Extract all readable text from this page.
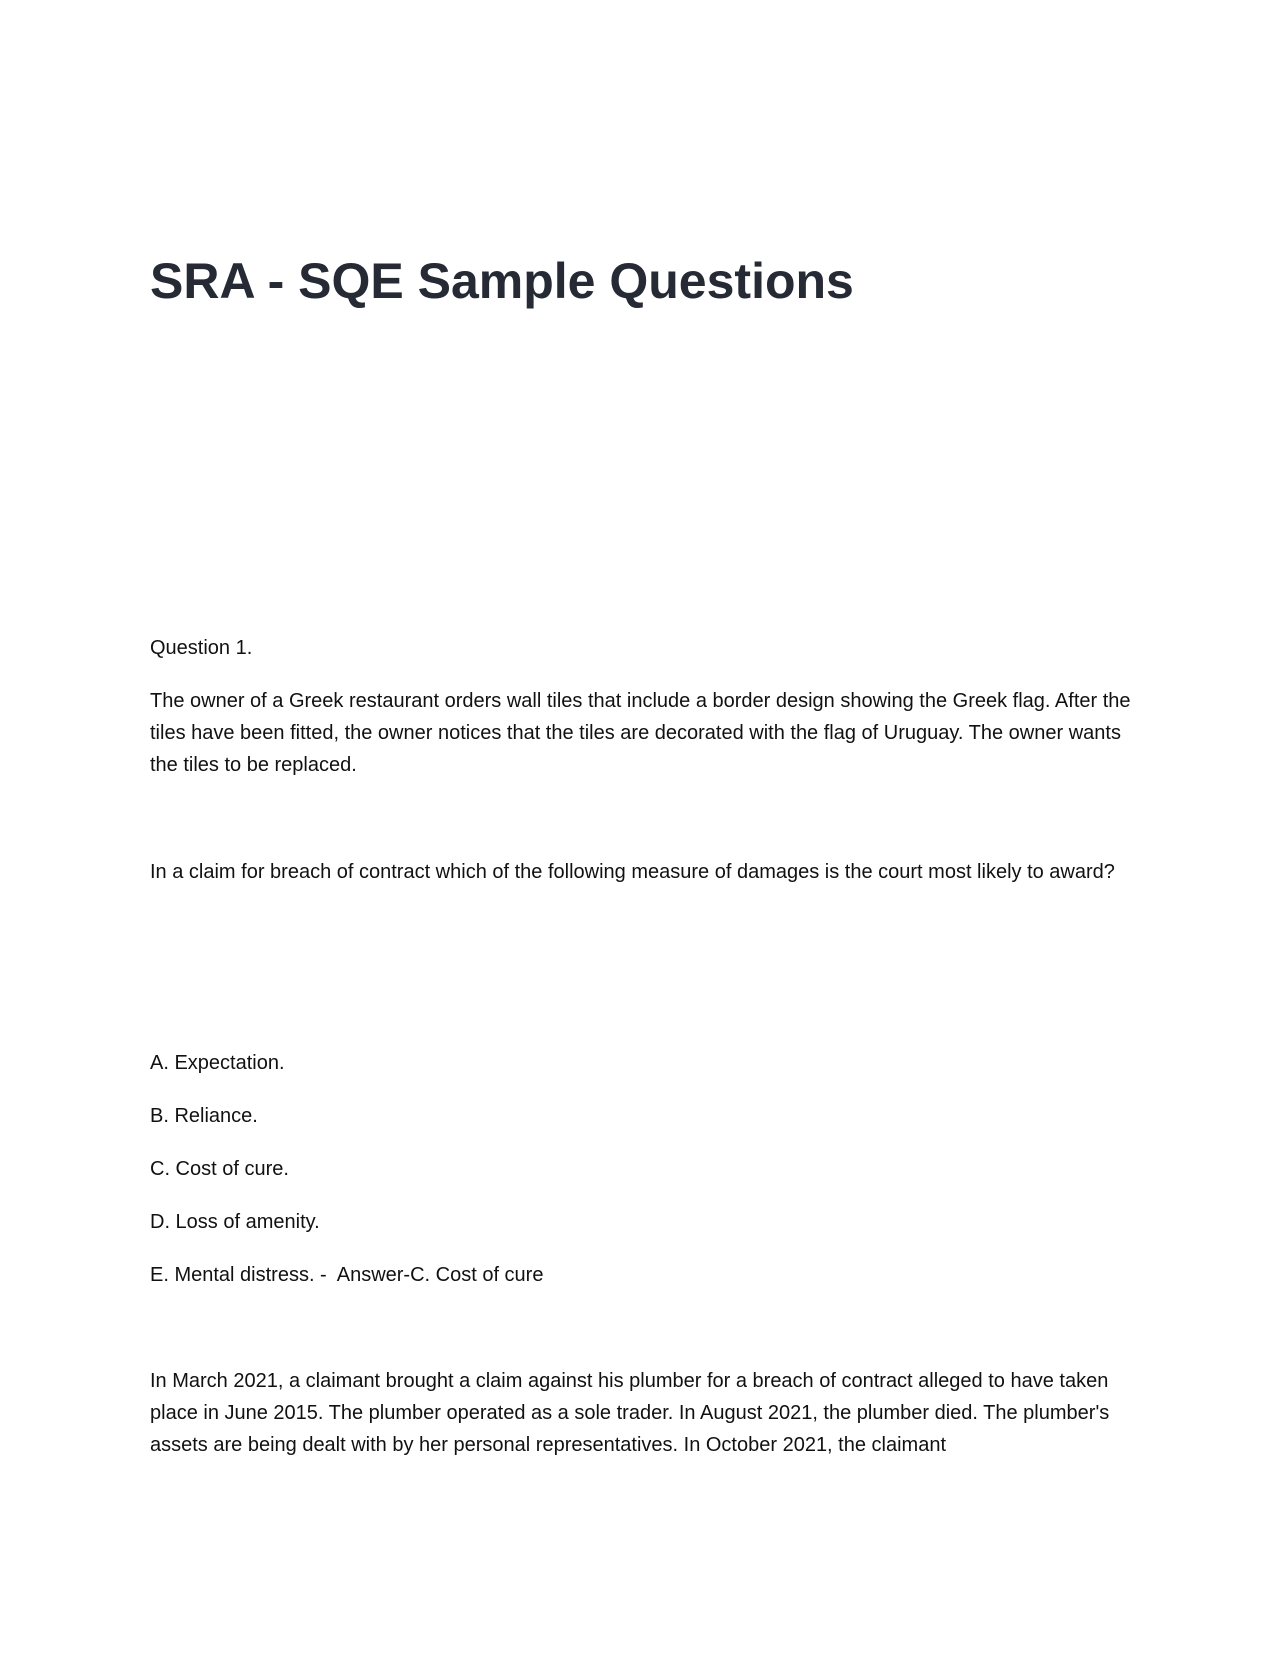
SRA - SQE Sample Questions

Question 1.

The owner of a Greek restaurant orders wall tiles that include a border design showing the Greek flag. After the tiles have been fitted, the owner notices that the tiles are decorated with the flag of Uruguay. The owner wants the tiles to be replaced.

In a claim for breach of contract which of the following measure of damages is the court most likely to award?

A. Expectation.

B. Reliance.

C. Cost of cure.

D. Loss of amenity.

E. Mental distress. -  Answer-C. Cost of cure

In March 2021, a claimant brought a claim against his plumber for a breach of contract alleged to have taken place in June 2015. The plumber operated as a sole trader. In August 2021, the plumber died. The plumber's assets are being dealt with by her personal representatives. In October 2021, the claimant
